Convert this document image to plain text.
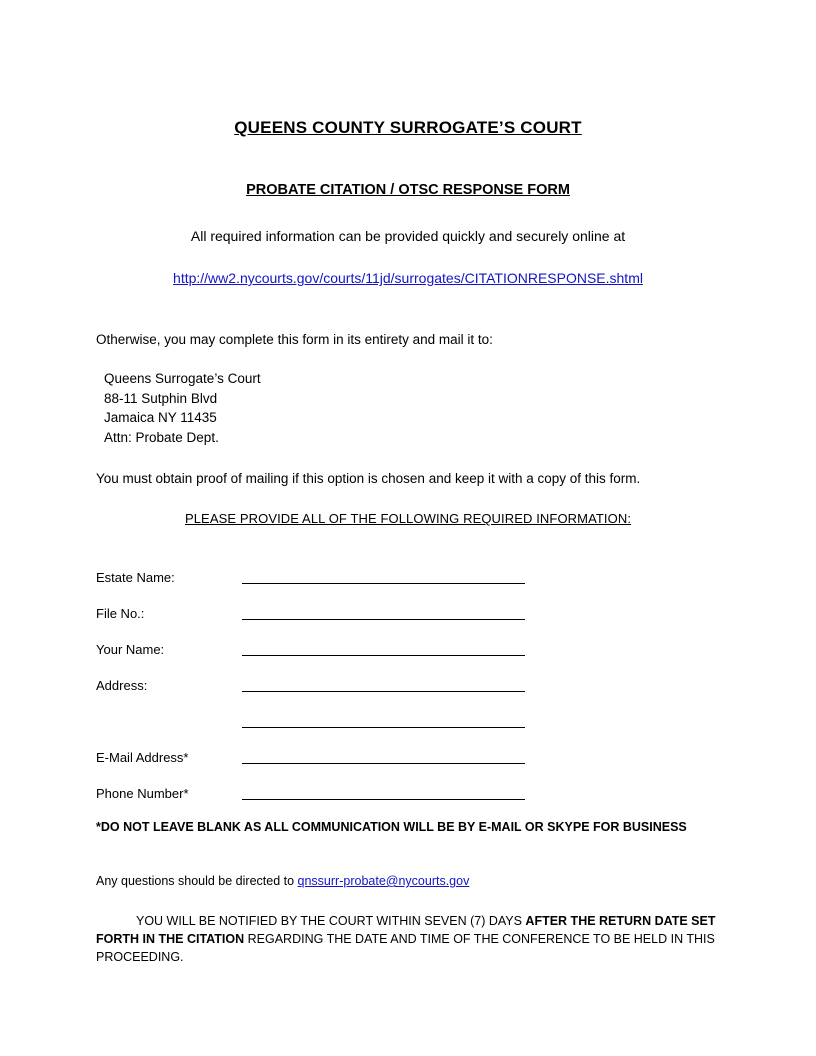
QUEENS COUNTY SURROGATE’S COURT
PROBATE CITATION / OTSC RESPONSE FORM

All required information can be provided quickly and securely online at

http://ww2.nycourts.gov/courts/11jd/surrogates/CITATIONRESPONSE.shtml

Otherwise, you may complete this form in its entirety and mail it to:

Queens Surrogate’s Court
88-11 Sutphin Blvd
Jamaica NY 11435
Attn: Probate Dept.

You must obtain proof of mailing if this option is chosen and keep it with a copy of this form.

PLEASE PROVIDE ALL OF THE FOLLOWING REQUIRED INFORMATION:

Estate Name:
File No.:
Your Name:
Address:
E-Mail Address*
Phone Number*

*DO NOT LEAVE BLANK AS ALL COMMUNICATION WILL BE BY E-MAIL OR SKYPE FOR BUSINESS

Any questions should be directed to qnssurr-probate@nycourts.gov

YOU WILL BE NOTIFIED BY THE COURT WITHIN SEVEN (7) DAYS AFTER THE RETURN DATE SET FORTH IN THE CITATION REGARDING THE DATE AND TIME OF THE CONFERENCE TO BE HELD IN THIS PROCEEDING.
